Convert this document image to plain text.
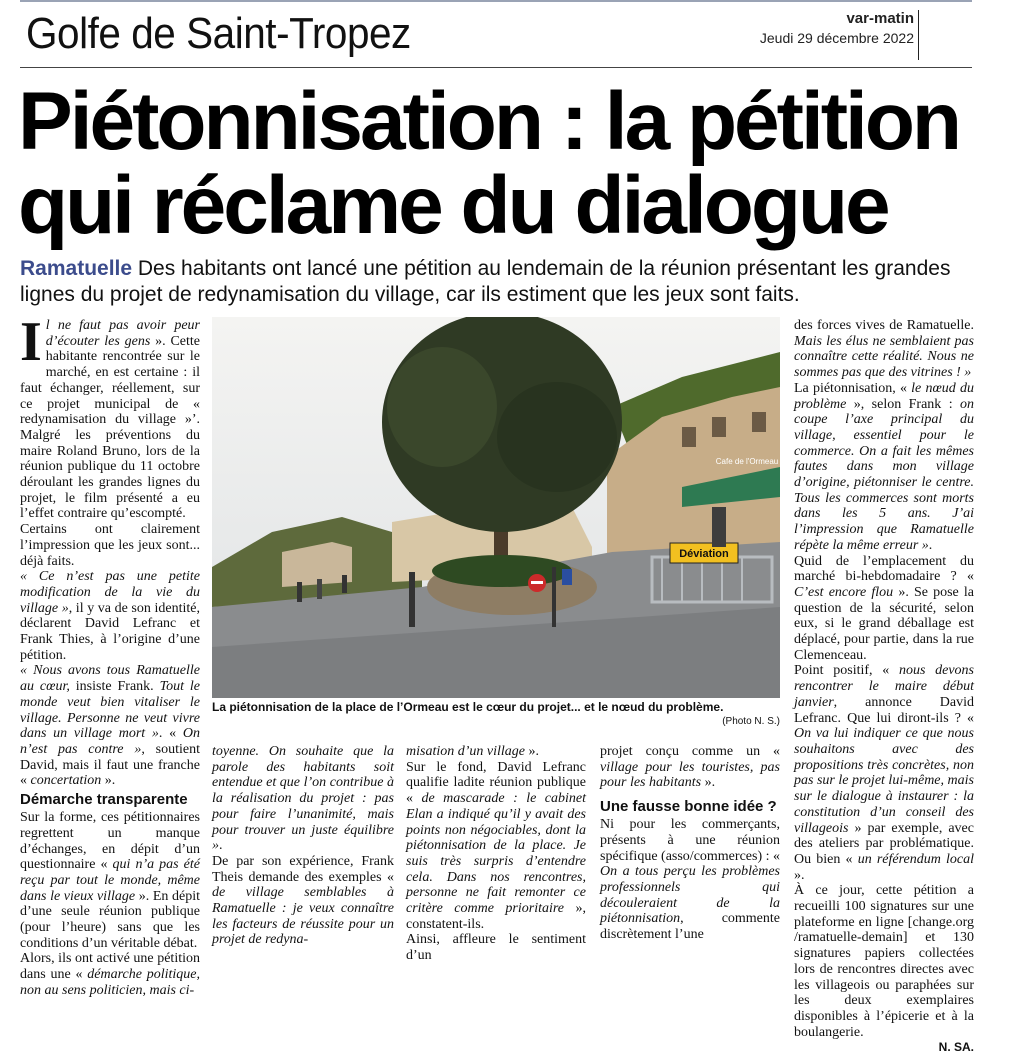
Golfe de Saint-Tropez	var-matin
Jeudi 29 décembre 2022
Piétonnisation : la pétition
qui réclame du dialogue
Ramatuelle Des habitants ont lancé une pétition au lendemain de la réunion présentant les grandes lignes du projet de redynamisation du village, car ils estiment que les jeux sont faits.

Il ne faut pas avoir peur d’écouter les gens ». Cette habitante rencontrée sur le marché, en est certaine : il faut échanger, réellement, sur ce projet municipal de « redynamisation du village »’. Malgré les préventions du maire Roland Bruno, lors de la réunion publique du 11 octobre déroulant les grandes lignes du projet, le film présenté a eu l’effet contraire qu’escompté.

Certains ont clairement l’impression que les jeux sont... déjà faits.

« Ce n’est pas une petite modification de la vie du village », il y va de son identité, déclarent David Lefranc et Frank Thies, à l’origine d’une pétition.

« Nous avons tous Ramatuelle au cœur, insiste Frank. Tout le monde veut bien vitaliser le village. Personne ne veut vivre dans un village mort ». « On n’est pas contre », soutient David, mais il faut une franche « concertation ».

Démarche transparente

Sur la forme, ces pétitionnaires regrettent un manque d’échanges, en dépit d’un questionnaire « qui n’a pas été reçu par tout le monde, même dans le vieux village ». En dépit d’une seule réunion publique (pour l’heure) sans que les conditions d’un véritable débat.

Alors, ils ont activé une pétition dans une « démarche politique, non au sens politicien, mais ci-

Cafe de l'Ormeau
Déviation
La piétonnisation de la place de l’Ormeau est le cœur du projet... et le nœud du problème.
(Photo N. S.)

toyenne. On souhaite que la parole des habitants soit entendue et que l’on contribue à la réalisation du projet : pas pour faire l’unanimité, mais pour trouver un juste équilibre ».

De par son expérience, Frank Theis demande des exemples « de village semblables à Ramatuelle : je veux connaître les facteurs de réussite pour un projet de redyna-

misation d’un village ».

Sur le fond, David Lefranc qualifie ladite réunion publique « de mascarade : le cabinet Elan a indiqué qu’il y avait des points non négociables, dont la piétonnisation de la place. Je suis très surpris d’entendre cela. Dans nos rencontres, personne ne fait remonter ce critère comme prioritaire », constatent-ils.

Ainsi, affleure le sentiment d’un

projet conçu comme un « village pour les touristes, pas pour les habitants ».

Une fausse bonne idée ?

Ni pour les commerçants, présents à une réunion spécifique (asso/commerces) : « On a tous perçu les problèmes professionnels qui découleraient de la piétonnisation, commente discrètement l’une

des forces vives de Ramatuelle. Mais les élus ne semblaient pas connaître cette réalité. Nous ne sommes pas que des vitrines ! »

La piétonnisation, « le nœud du problème », selon Frank : on coupe l’axe principal du village, essentiel pour le commerce. On a fait les mêmes fautes dans mon village d’origine, piétonniser le centre. Tous les commerces sont morts dans les 5 ans. J’ai l’impression que Ramatuelle répète la même erreur ».

Quid de l’emplacement du marché bi-hebdomadaire ? « C’est encore flou ». Se pose la question de la sécurité, selon eux, si le grand déballage est déplacé, pour partie, dans la rue Clemenceau.

Point positif, « nous devons rencontrer le maire début janvier, annonce David Lefranc. Que lui diront-ils ? « On va lui indiquer ce que nous souhaitons avec des propositions très concrètes, non pas sur le projet lui-même, mais sur le dialogue à instaurer : la constitution d’un conseil des villageois » par exemple, avec des ateliers par problématique. Ou bien « un référendum local ».

À ce jour, cette pétition a recueilli 100 signatures sur une plateforme en ligne [change.org /ramatuelle-demain] et 130 signatures papiers collectées lors de rencontres directes avec les villageois ou paraphées sur les deux exemplaires disponibles à l’épicerie et à la boulangerie.

N. SA.
